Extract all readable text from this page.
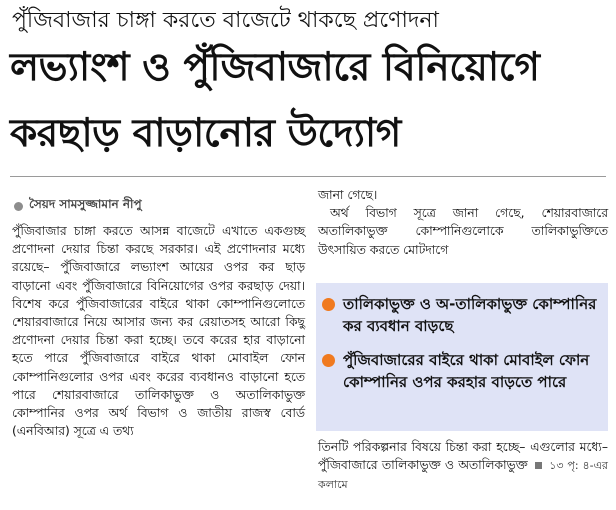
পুঁজিবাজার চাঙ্গা করতে বাজেটে থাকছে প্রণোদনা
লভ্যাংশ ও পুঁজিবাজারে বিনিয়োগে
করছাড় বাড়ানোর উদ্যোগ
সৈয়দ সামসুজ্জামান নীপু

পুঁজিবাজার চাঙ্গা করতে আসন্ন বাজেটে এখাতে একগুচ্ছ প্রণোদনা দেয়ার চিন্তা করছে সরকার। এই প্রণোদনার মধ্যে রয়েছে– পুঁজিবাজারে লভ্যাংশ আয়ের ওপর কর ছাড় বাড়ানো এবং পুঁজিবাজারে বিনিয়োগের ওপর করছাড় দেয়া। বিশেষ করে পুঁজিবাজারের বাইরে থাকা কোম্পানিগুলোতে শেয়ারবাজারে নিয়ে আসার জন্য কর রেয়াতসহ আরো কিছু প্রণোদনা দেয়ার চিন্তা করা হচ্ছে। তবে করের হার বাড়ানো হতে পারে পুঁজিবাজারে বাইরে থাকা মোবাইল ফোন কোম্পানিগুলোর ওপর এবং করের ব্যবধানও বাড়ানো হতে পারে শেয়ারবাজারে তালিকাভুক্ত ও অতালিকাভুক্ত কোম্পানির ওপর অর্থ বিভাগ ও জাতীয় রাজস্ব বোর্ড (এনবিআর) সূত্রে এ তথ্য

জানা গেছে।

অর্থ বিভাগ সূত্রে জানা গেছে, শেয়ারবাজারে অতালিকাভুক্ত কোম্পানিগুলোকে তালিকাভুক্তিতে উৎসায়িত করতে মোটদাগে

তালিকাভুক্ত ও অ-তালিকাভুক্ত কোম্পানির কর ব্যবধান বাড়ছে
পুঁজিবাজারের বাইরে থাকা মোবাইল ফোন কোম্পানির ওপর করহার বাড়তে পারে

তিনটি পরিকল্পনার বিষয়ে চিন্তা করা হচ্ছে– এগুলোর মধ্যে– পুঁজিবাজারে তালিকাভুক্ত ও অতালিকাভুক্ত ১৩ পৃ: ৪-এর কলামে
